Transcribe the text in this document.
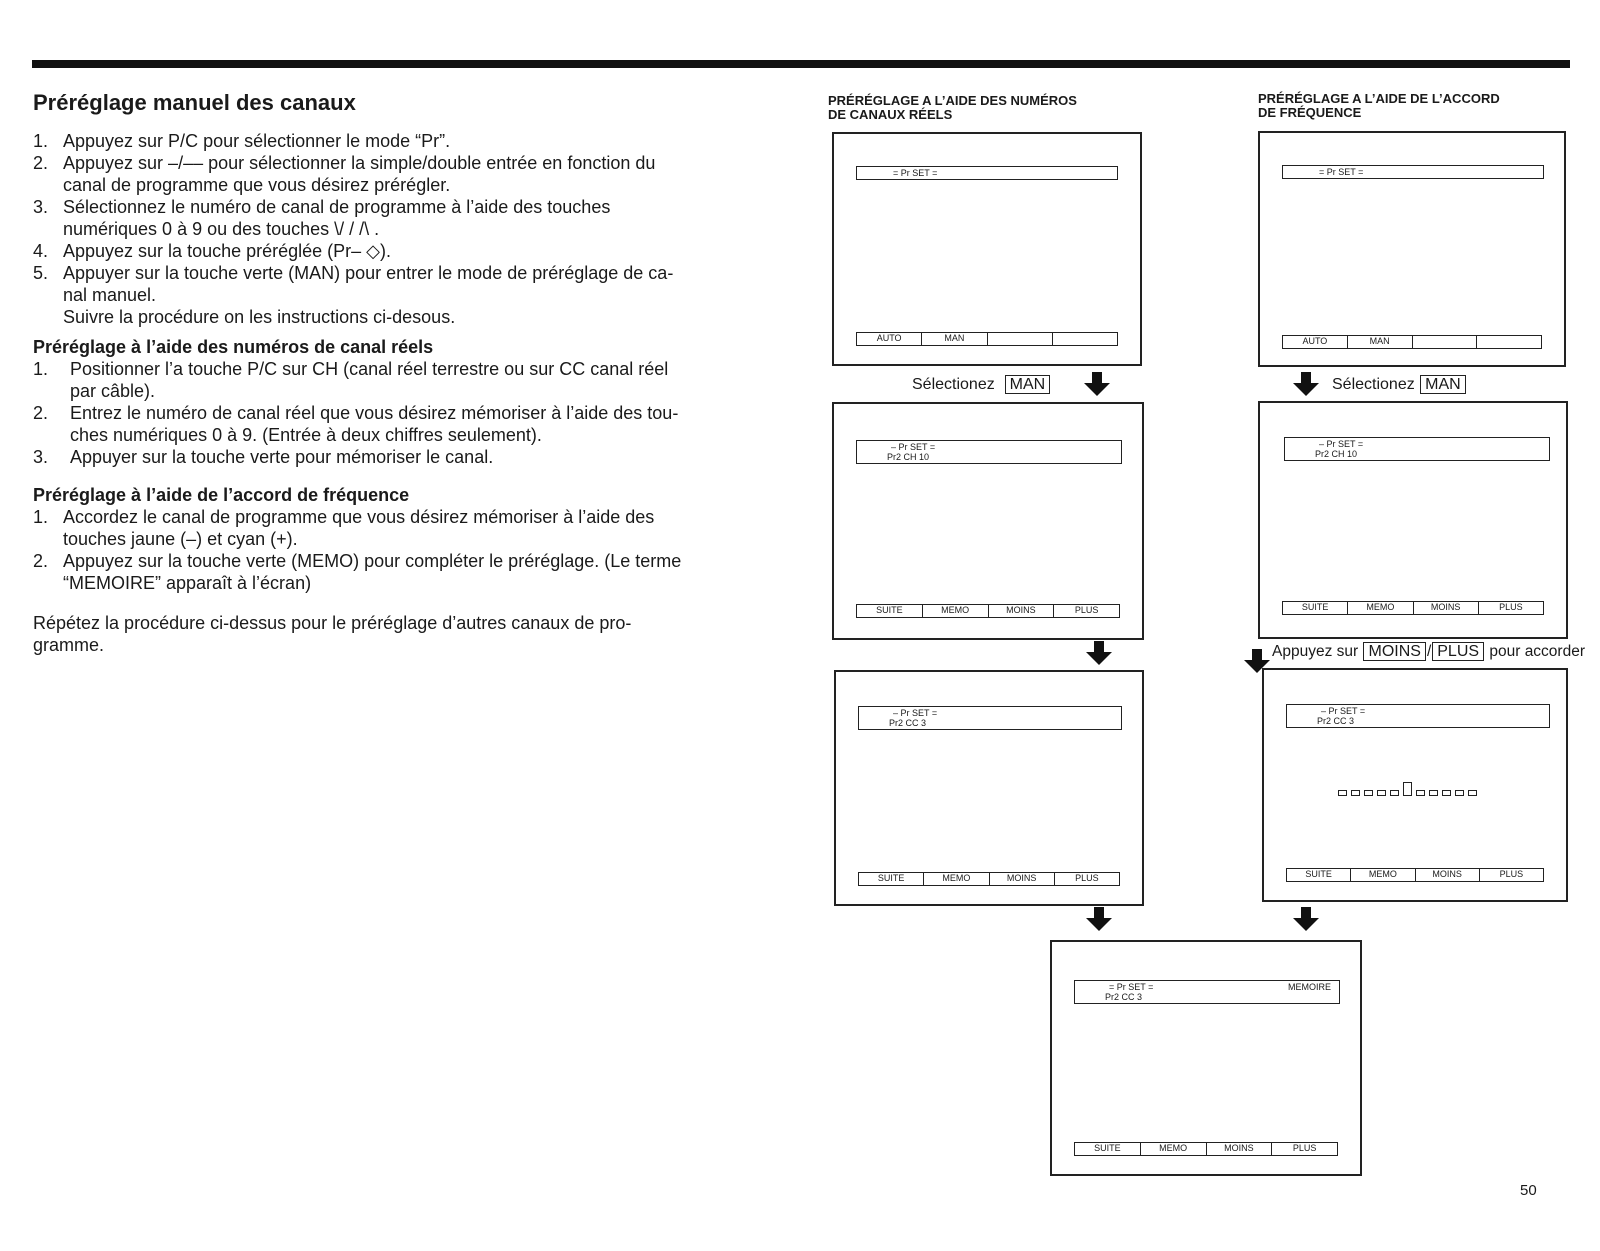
Préréglage manuel des canaux
1. Appuyez sur P/C pour sélectionner le mode “Pr”.
2. Appuyez sur –/–– pour sélectionner la simple/double entrée en fonction du
canal de programme que vous désirez prérégler.
3. Sélectionnez le numéro de canal de programme à l’aide des touches
numériques 0 à 9 ou des touches \/ / /\ .
4. Appuyez sur la touche préréglée (Pr– ◇).
5. Appuyer sur la touche verte (MAN) pour entrer le mode de préréglage de ca-
nal manuel.
Suivre la procédure on les instructions ci-desous.
Préréglage à l’aide des numéros de canal réels
1. Positionner l’a touche P/C sur CH (canal réel terrestre ou sur CC canal réel
par câble).
2. Entrez le numéro de canal réel que vous désirez mémoriser à l’aide des tou-
ches numériques 0 à 9. (Entrée à deux chiffres seulement).
3. Appuyer sur la touche verte pour mémoriser le canal.
Préréglage à l’aide de l’accord de fréquence
1. Accordez le canal de programme que vous désirez mémoriser à l’aide des
touches jaune (–) et cyan (+).
2. Appuyez sur la touche verte (MEMO) pour compléter le préréglage. (Le terme
“MEMOIRE” apparaît à l’écran)

Répétez la procédure ci-dessus pour le préréglage d’autres canaux de pro-
gramme.

PRÉRÉGLAGE A L’AIDE DES NUMÉROS
DE CANAUX RÉELS
PRÉRÉGLAGE A L’AIDE DE L’ACCORD
DE FRÉQUENCE
= Pr SET =
AUTO	MAN
Sélectionez MAN
– Pr SET =
Pr2 CH 10
SUITE	MEMO	MOINS	PLUS
– Pr SET =
Pr2 CC 3
SUITE	MEMO	MOINS	PLUS
= Pr SET =
AUTO	MAN
Sélectionez MAN
– Pr SET =
Pr2 CH 10
SUITE	MEMO	MOINS	PLUS
Appuyez sur MOINS / PLUS pour accorder
– Pr SET =
Pr2 CC 3
SUITE	MEMO	MOINS	PLUS
= Pr SET =
Pr2 CC 3
MEMOIRE
SUITE	MEMO	MOINS	PLUS
50
